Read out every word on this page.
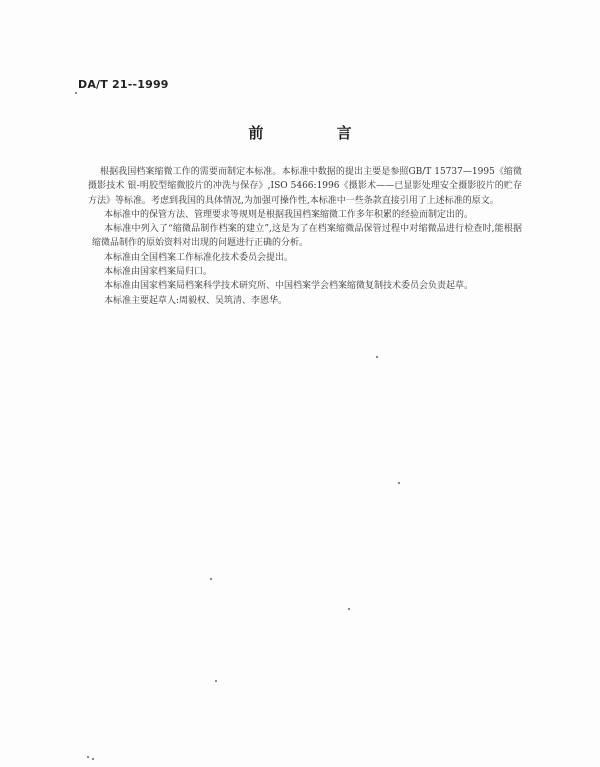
DA/T 21--1999
前 言

根据我国档案缩微工作的需要而制定本标准。本标准中数据的提出主要是参照GB/T 15737—1995《缩微摄影技术 银-明胶型缩微胶片的冲洗与保存》,ISO 5466:1996《摄影术——已显影处理安全摄影胶片的贮存方法》等标准。考虑到我国的具体情况,为加强可操作性,本标准中一些条款直接引用了上述标准的原文。

本标准中的保管方法、管理要求等规则是根据我国档案缩微工作多年积累的经验而制定出的。

本标准中列入了“缩微品制作档案的建立”,这是为了在档案缩微品保管过程中对缩微品进行检查时,能根据缩微品制作的原始资料对出现的问题进行正确的分析。

本标准由全国档案工作标准化技术委员会提出。

本标准由国家档案局归口。

本标准由国家档案局档案科学技术研究所、中国档案学会档案缩微复制技术委员会负责起草。

本标准主要起草人:周毅权、吴筑清、李恩华。
